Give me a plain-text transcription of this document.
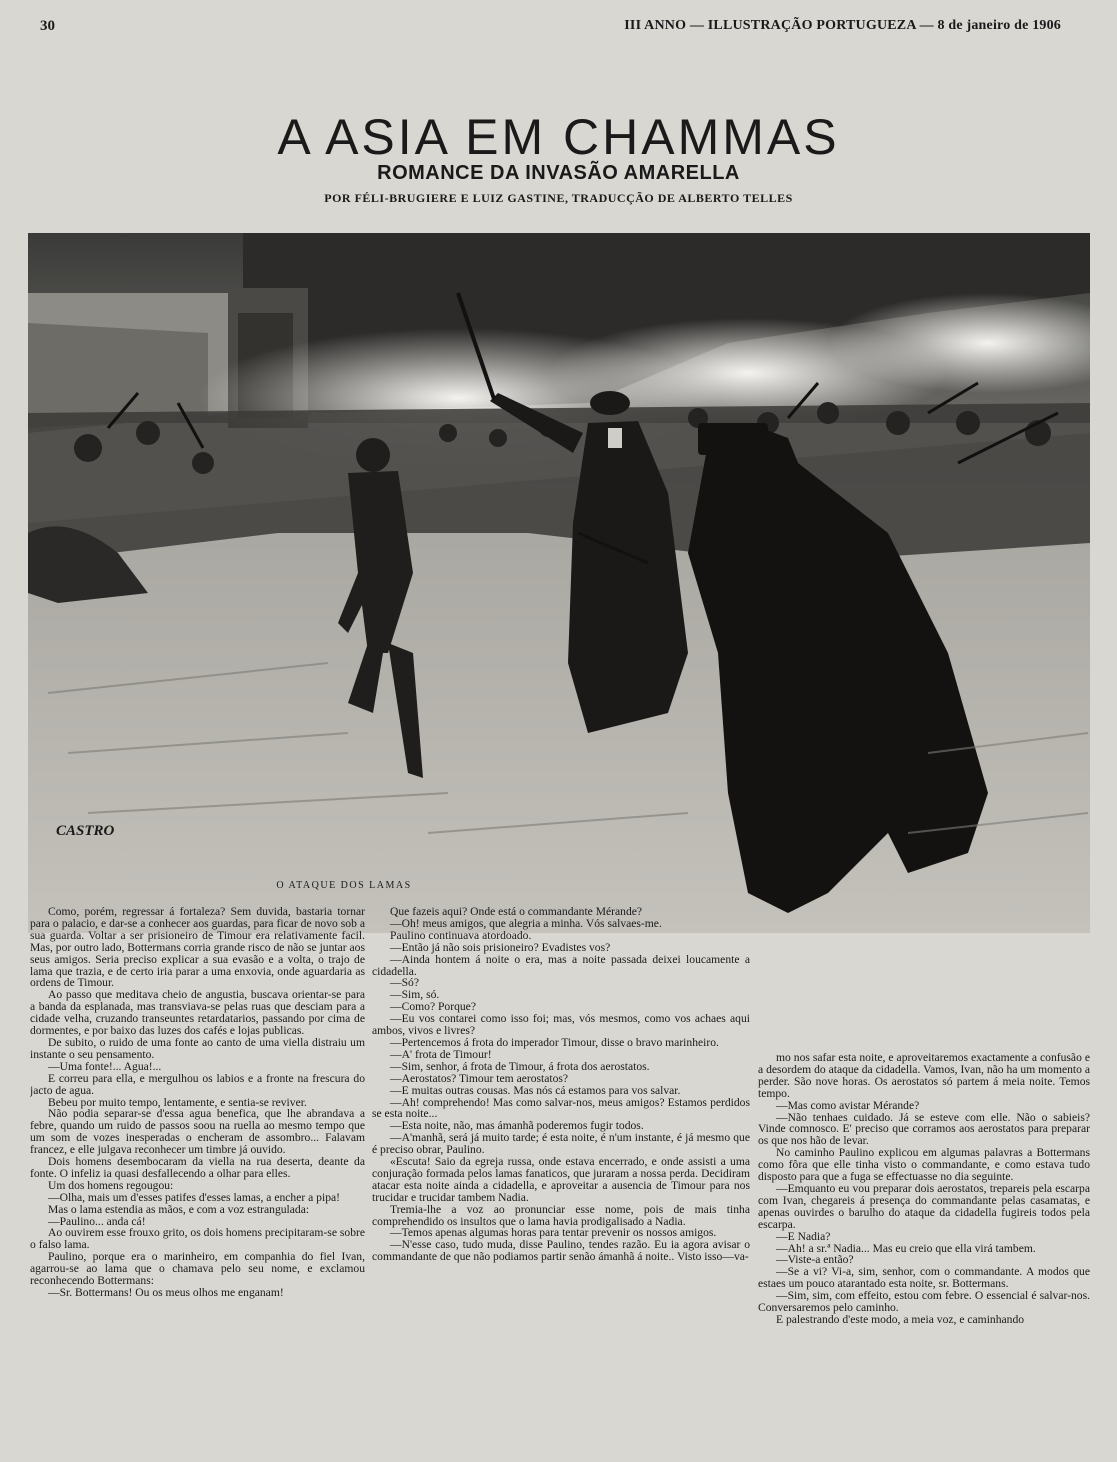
30	III ANNO — ILLUSTRAÇÃO PORTUGUEZA — 8 de janeiro de 1906
A ASIA EM CHAMMAS
ROMANCE DA INVASÃO AMARELLA
POR FÉLI-BRUGIERE E LUIZ GASTINE, TRADUCÇÃO DE ALBERTO TELLES
CASTRO
O ATAQUE DOS LAMAS

Como, porém, regressar á fortaleza? Sem duvida, bastaria tornar para o palacio, e dar-se a conhecer aos guardas, para ficar de novo sob a sua guarda. Voltar a ser prisioneiro de Timour era relativamente facil. Mas, por outro lado, Bottermans corria grande risco de não se juntar aos seus amigos. Seria preciso explicar a sua evasão e a volta, o trajo de lama que trazia, e de certo iria parar a uma enxovia, onde aguardaria as ordens de Timour.

Ao passo que meditava cheio de angustia, buscava orientar-se para a banda da esplanada, mas transviava-se pelas ruas que desciam para a cidade velha, cruzando transeuntes retardatarios, passando por cima de dormentes, e por baixo das luzes dos cafés e lojas publicas.

De subito, o ruido de uma fonte ao canto de uma viella distraiu um instante o seu pensamento.

—Uma fonte!... Agua!...

E correu para ella, e mergulhou os labios e a fronte na frescura do jacto de agua.

Bebeu por muito tempo, lentamente, e sentia-se reviver.

Não podia separar-se d'essa agua benefica, que lhe abrandava a febre, quando um ruido de passos soou na ruella ao mesmo tempo que um som de vozes inesperadas o encheram de assombro... Falavam francez, e elle julgava reconhecer um timbre já ouvido.

Dois homens desembocaram da viella na rua deserta, deante da fonte. O infeliz ia quasi desfallecendo a olhar para elles.

Um dos homens regougou:

—Olha, mais um d'esses patifes d'esses lamas, a encher a pipa!

Mas o lama estendia as mãos, e com a voz estrangulada:

—Paulino... anda cá!

Ao ouvirem esse frouxo grito, os dois homens precipitaram-se sobre o falso lama.

Paulino, porque era o marinheiro, em companhia do fiel Ivan, agarrou-se ao lama que o chamava pelo seu nome, e exclamou reconhecendo Bottermans:

—Sr. Bottermans! Ou os meus olhos me enganam!

Que fazeis aqui? Onde está o commandante Mérande?

—Oh! meus amigos, que alegria a minha. Vós salvaes-me.

Paulino continuava atordoado.

—Então já não sois prisioneiro? Evadistes vos?

—Ainda hontem á noite o era, mas a noite passada deixei loucamente a cidadella.

—Só?

—Sim, só.

—Como? Porque?

—Eu vos contarei como isso foi; mas, vós mesmos, como vos achaes aqui ambos, vivos e livres?

—Pertencemos á frota do imperador Timour, disse o bravo marinheiro.

—A' frota de Timour!

—Sim, senhor, á frota de Timour, á frota dos aerostatos.

—Aerostatos? Timour tem aerostatos?

—E muitas outras cousas. Mas nós cá estamos para vos salvar.

—Ah! comprehendo! Mas como salvar-nos, meus amigos? Estamos perdidos se esta noite...

—Esta noite, não, mas ámanhã poderemos fugir todos.

—A'manhã, será já muito tarde; é esta noite, é n'um instante, é já mesmo que é preciso obrar, Paulino.

«Escuta! Saio da egreja russa, onde estava encerrado, e onde assisti a uma conjuração formada pelos lamas fanaticos, que juraram a nossa perda. Decidiram atacar esta noite ainda a cidadella, e aproveitar a ausencia de Timour para nos trucidar e trucidar tambem Nadia.

Tremia-lhe a voz ao pronunciar esse nome, pois de mais tinha comprehendido os insultos que o lama havia prodigalisado a Nadia.

—Temos apenas algumas horas para tentar prevenir os nossos amigos.

—N'esse caso, tudo muda, disse Paulino, tendes razão. Eu ia agora avisar o commandante de que não podiamos partir senão ámanhã á noite.. Visto isso—va-

mo nos safar esta noite, e aproveitaremos exactamente a confusão e a desordem do ataque da cidadella. Vamos, Ivan, não ha um momento a perder. São nove horas. Os aerostatos só partem á meia noite. Temos tempo.

—Mas como avistar Mérande?

—Não tenhaes cuidado. Já se esteve com elle. Não o sabieis? Vinde comnosco. E' preciso que corramos aos aerostatos para preparar os que nos hão de levar.

No caminho Paulino explicou em algumas palavras a Bottermans como fôra que elle tinha visto o commandante, e como estava tudo disposto para que a fuga se effectuasse no dia seguinte.

—Emquanto eu vou preparar dois aerostatos, trepareis pela escarpa com Ivan, chegareis á presença do commandante pelas casamatas, e apenas ouvirdes o barulho do ataque da cidadella fugireis todos pela escarpa.

—E Nadia?

—Ah! a sr.ª Nadia... Mas eu creio que ella virá tambem.

—Viste-a então?

—Se a vi? Vi-a, sim, senhor, com o commandante. A modos que estaes um pouco atarantado esta noite, sr. Bottermans.

—Sim, sim, com effeito, estou com febre. O essencial é salvar-nos. Conversaremos pelo caminho.

E palestrando d'este modo, a meia voz, e caminhando
